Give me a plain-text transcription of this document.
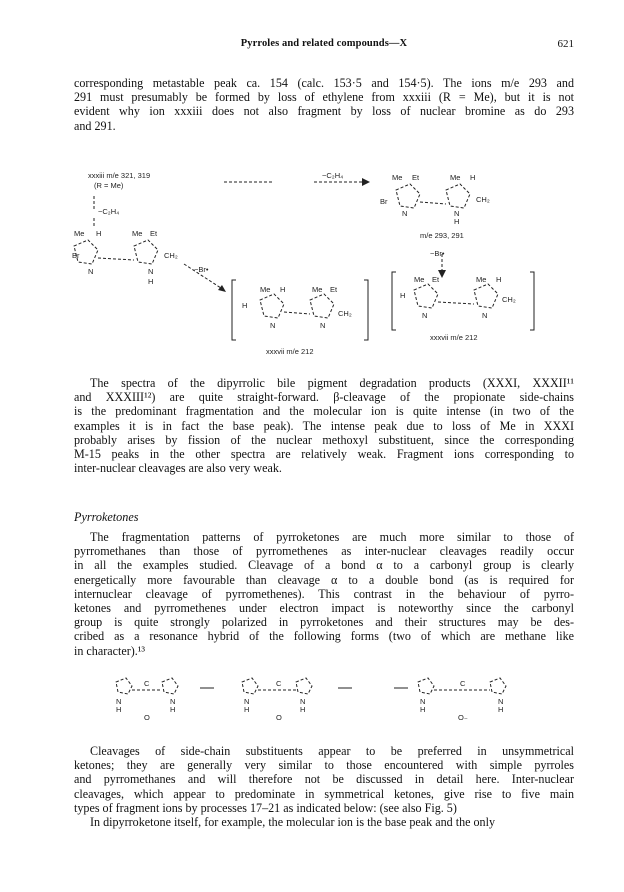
Pyrroles and related compounds—X	621
corresponding metastable peak ca. 154 (calc. 153·5 and 154·5). The ions m/e 293 and
291 must presumably be formed by loss of ethylene from xxxiii (R = Me), but it is not
evident why ion xxxiii does not also fragment by loss of nuclear bromine as do 293
and 291.
xxxiii m/e 321, 319
(R = Me)
−C₂H₄
−C₂H₄
Me H	Me Et
Br
N	N
H
CH₂
−Br•
Me Et	Me H
Br
N	N
H
CH₂
m/e 293, 291
−Br•
Me H	Me Et
H
N	N
CH₂
xxxvii m/e 212
Me Et	Me H
H
N	N
CH₂
xxxvii m/e 212
The spectra of the dipyrrolic bile pigment degradation products (XXXI, XXXII¹¹
and XXXIII¹²) are quite straight-forward. β-cleavage of the propionate side-chains
is the predominant fragmentation and the molecular ion is quite intense (in two of the
examples it is in fact the base peak). The intense peak due to loss of Me in XXXI
probably arises by fission of the nuclear methoxyl substituent, since the corresponding
M-15 peaks in the other spectra are relatively weak. Fragment ions corresponding to
inter-nuclear cleavages are also very weak.
Pyrroketones
The fragmentation patterns of pyrroketones are much more similar to those of
pyrromethanes than those of pyrromethenes as inter-nuclear cleavages readily occur
in all the examples studied. Cleavage of a bond α to a carbonyl group is clearly
energetically more favourable than cleavage α to a double bond (as is required for
internuclear cleavage of pyrromethenes). This contrast in the behaviour of pyrro-
ketones and pyrromethenes under electron impact is noteworthy since the carbonyl
group is quite strongly polarized in pyrroketones and their structures may be des-
cribed as a resonance hybrid of the following forms (two of which are methane like
in character).¹³
N
H
C
O
N
H
N
H
C
O
N
H
N
H
C
O₋
N
H
Cleavages of side-chain substituents appear to be preferred in unsymmetrical
ketones; they are generally very similar to those encountered with simple pyrroles
and pyrromethanes and will therefore not be discussed in detail here. Inter-nuclear
cleavages, which appear to predominate in symmetrical ketones, give rise to five main
types of fragment ions by processes 17–21 as indicated below: (see also Fig. 5)
In dipyrroketone itself, for example, the molecular ion is the base peak and the only
